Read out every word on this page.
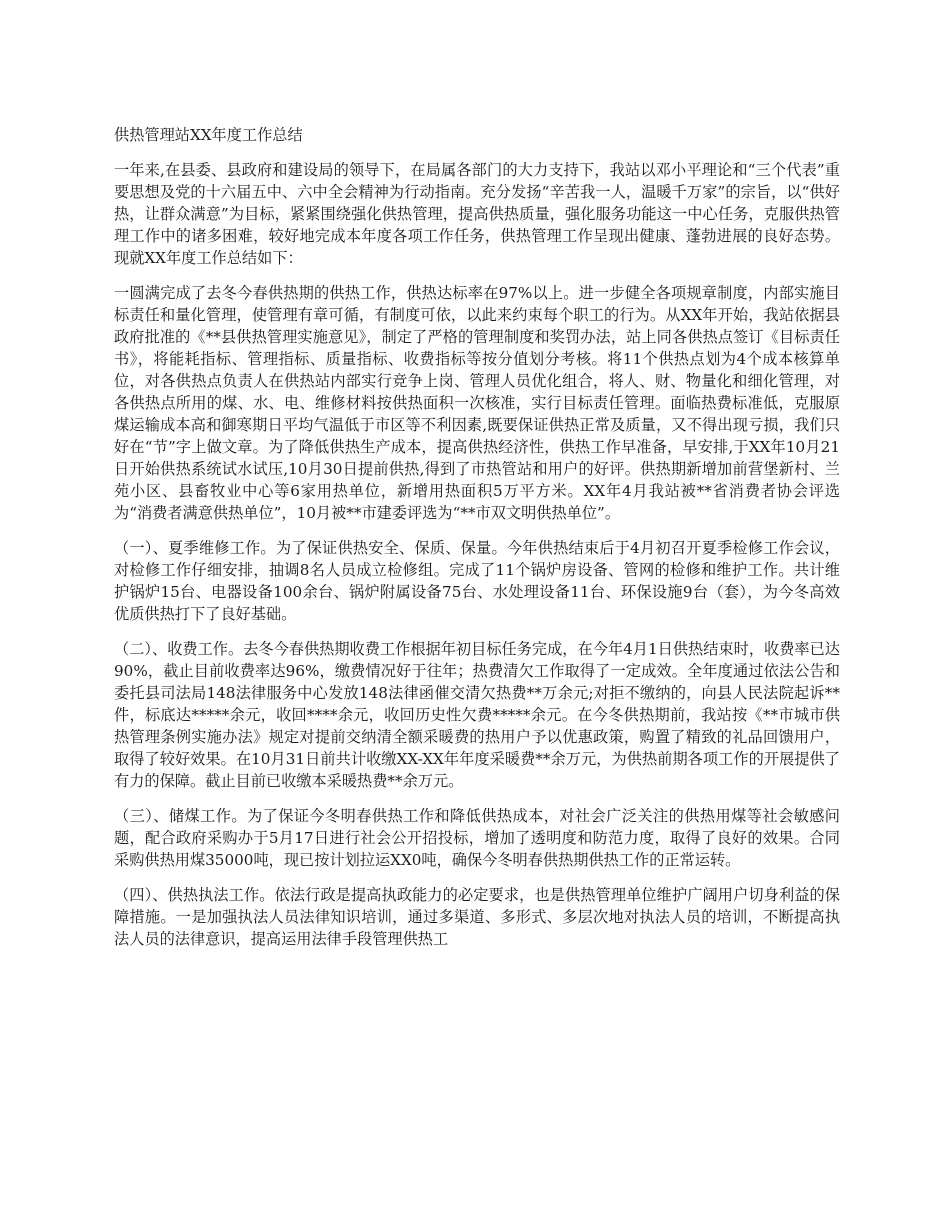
供热管理站XX年度工作总结

一年来,在县委、县政府和建设局的领导下，在局属各部门的大力支持下，我站以邓小平理论和“三个代表”重要思想及党的十六届五中、六中全会精神为行动指南。充分发扬“辛苦我一人，温暖千万家”的宗旨，以“供好热，让群众满意”为目标，紧紧围绕强化供热管理，提高供热质量，强化服务功能这一中心任务，克服供热管理工作中的诸多困难，较好地完成本年度各项工作任务，供热管理工作呈现出健康、蓬勃进展的良好态势。现就XX年度工作总结如下：

一圆满完成了去冬今春供热期的供热工作，供热达标率在97%以上。进一步健全各项规章制度，内部实施目标责任和量化管理，使管理有章可循，有制度可依，以此来约束每个职工的行为。从XX年开始，我站依据县政府批准的《**县供热管理实施意见》，制定了严格的管理制度和奖罚办法，站上同各供热点签订《目标责任书》，将能耗指标、管理指标、质量指标、收费指标等按分值划分考核。将11个供热点划为4个成本核算单位，对各供热点负责人在供热站内部实行竞争上岗、管理人员优化组合，将人、财、物量化和细化管理，对各供热点所用的煤、水、电、维修材料按供热面积一次核准，实行目标责任管理。面临热费标准低，克服原煤运输成本高和御寒期日平均气温低于市区等不利因素,既要保证供热正常及质量，又不得出现亏损，我们只好在“节”字上做文章。为了降低供热生产成本，提高供热经济性，供热工作早准备，早安排,于XX年10月21日开始供热系统试水试压,10月30日提前供热,得到了市热管站和用户的好评。供热期新增加前营堡新村、兰苑小区、县畜牧业中心等6家用热单位，新增用热面积5万平方米。XX年4月我站被**省消费者协会评选为“消费者满意供热单位”，10月被**市建委评选为“**市双文明供热单位”。

（一）、夏季维修工作。为了保证供热安全、保质、保量。今年供热结束后于4月初召开夏季检修工作会议，对检修工作仔细安排，抽调8名人员成立检修组。完成了11个锅炉房设备、管网的检修和维护工作。共计维护锅炉15台、电器设备100余台、锅炉附属设备75台、水处理设备11台、环保设施9台（套），为今冬高效优质供热打下了良好基础。

（二）、收费工作。去冬今春供热期收费工作根据年初目标任务完成，在今年4月1日供热结束时，收费率已达90%，截止目前收费率达96%，缴费情况好于往年；热费清欠工作取得了一定成效。全年度通过依法公告和委托县司法局148法律服务中心发放148法律函催交清欠热费**万余元;对拒不缴纳的，向县人民法院起诉**件，标底达*****余元，收回****余元，收回历史性欠费*****余元。在今冬供热期前，我站按《**市城市供热管理条例实施办法》规定对提前交纳清全额采暖费的热用户予以优惠政策，购置了精致的礼品回馈用户，取得了较好效果。在10月31日前共计收缴XX-XX年年度采暖费**余万元，为供热前期各项工作的开展提供了有力的保障。截止目前已收缴本采暖热费**余万元。

（三）、储煤工作。为了保证今冬明春供热工作和降低供热成本，对社会广泛关注的供热用煤等社会敏感问题，配合政府采购办于5月17日进行社会公开招投标，增加了透明度和防范力度，取得了良好的效果。合同采购供热用煤35000吨，现已按计划拉运XX0吨，确保今冬明春供热期供热工作的正常运转。

（四）、供热执法工作。依法行政是提高执政能力的必定要求，也是供热管理单位维护广阔用户切身利益的保障措施。一是加强执法人员法律知识培训，通过多渠道、多形式、多层次地对执法人员的培训，不断提高执法人员的法律意识，提高运用法律手段管理供热工
